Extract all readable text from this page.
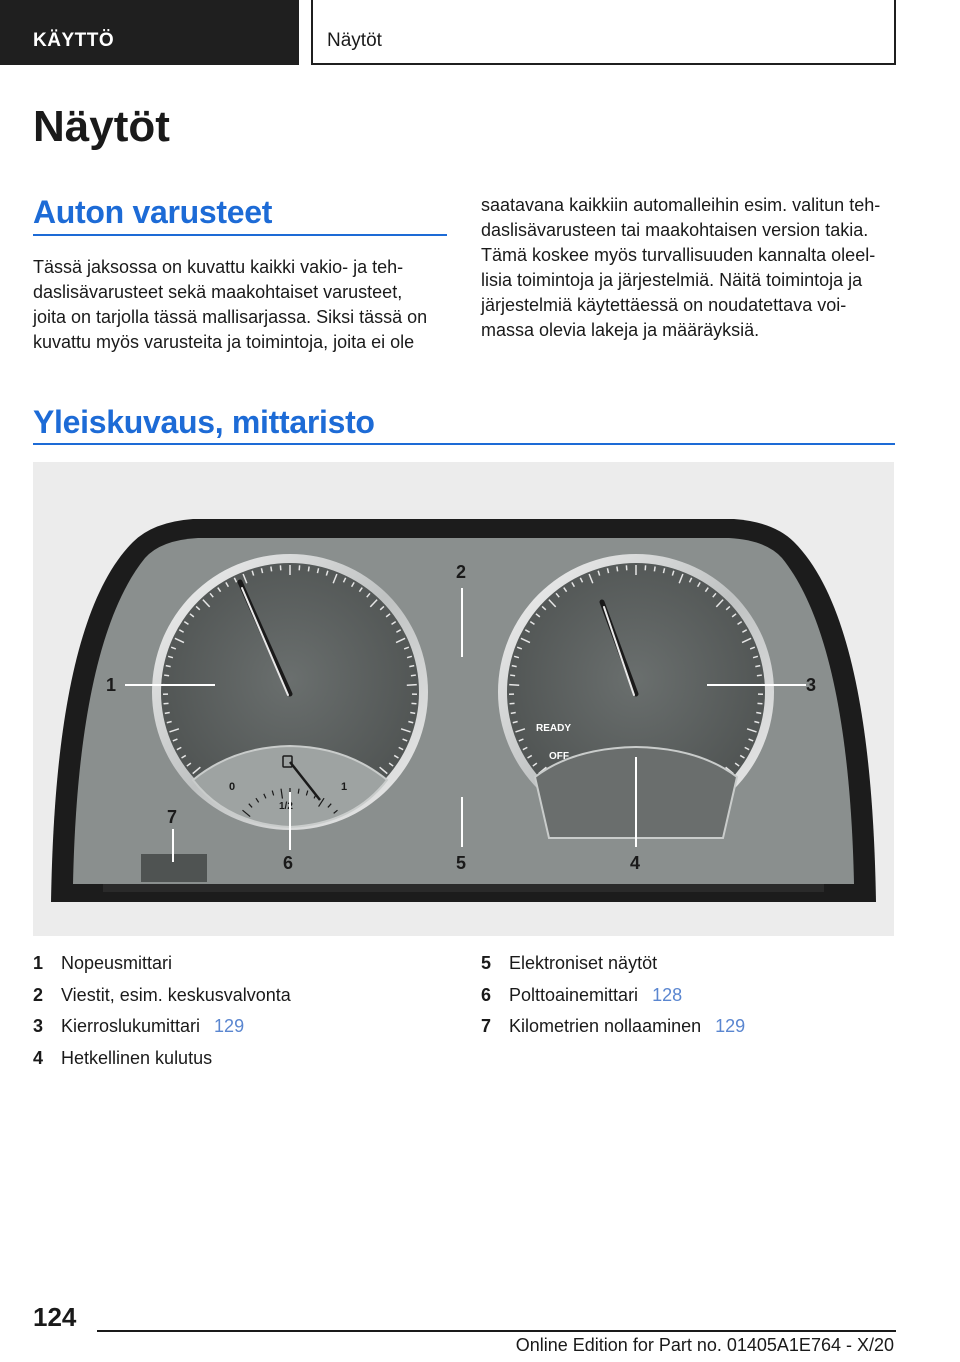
KÄYTTÖ	Näytöt
Näytöt
Auton varusteet
Tässä jaksossa on kuvattu kaikki vakio- ja teh‐
daslisävarusteet sekä maakohtaiset varusteet,
joita on tarjolla tässä mallisarjassa. Siksi tässä on
kuvattu myös varusteita ja toimintoja, joita ei ole
saatavana kaikkiin automalleihin esim. valitun teh‐
daslisävarusteen tai maakohtaisen version takia.
Tämä koskee myös turvallisuuden kannalta oleel‐
lisia toimintoja ja järjestelmiä. Näitä toimintoja ja
järjestelmiä käytettäessä on noudatettava voi‐
massa olevia lakeja ja määräyksiä.
Yleiskuvaus, mittaristo
0	1
1/2
READY
OFF
1
2
3
4
5
6
7
1 Nopeusmittari
2 Viestit, esim. keskusvalvonta
3 Kierroslukumittari 129
4 Hetkellinen kulutus
5 Elektroniset näytöt
6 Polttoainemittari 128
7 Kilometrien nollaaminen 129
124
Online Edition for Part no. 01405A1E764 - X/20
